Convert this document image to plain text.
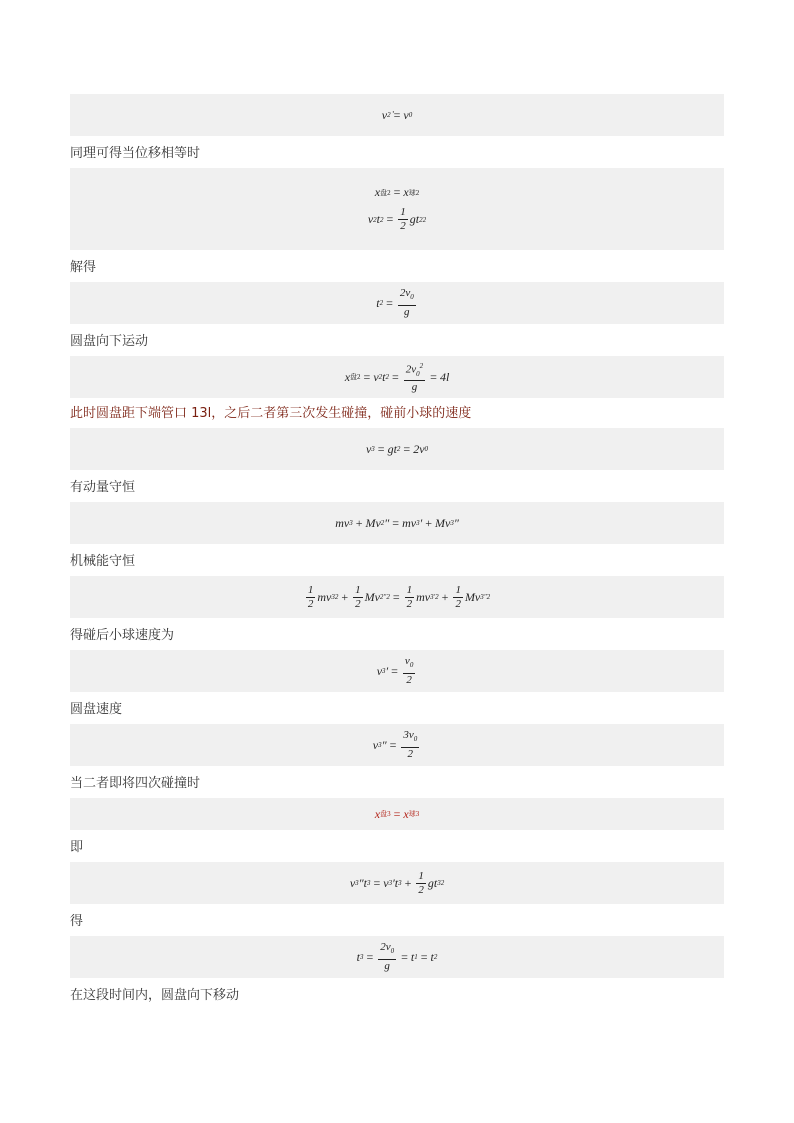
v 2 = v 0
同理可得当位移相等时
x 盘2 = x 球2
v 2 t $2 = \frac{1}{2}$ gt 2 2
解得
t $2 = \frac{2v_0}{g}$
圆盘向下运动
x 盘2 = v 2 t $2 = \frac{2v_0^2}{g} = 4l$
此时圆盘距下端管口 13l，之后二者第三次发生碰撞，碰前小球的速度
v 3 = gt 2 = 2v 0
有动量守恒
mv 3 + Mv 2 ″ = mv 3 ′ + Mv 3 ″
机械能守恒
$\frac{1}{2}$ mv 3 $2 + \frac{1}{2}$ Mv 2 $''2 = \frac{1}{2}$ mv 3 $'2 + \frac{1}{2}$ Mv 3 ″2
得碰后小球速度为
v 3 ′ = $\frac{v_0}{2}$
圆盘速度
v 3 ″ = $\frac{3v_0}{2}$
当二者即将四次碰撞时
x 盘3 = x 球3
即
v 3 ″t 3 = v 3 ′t $3 + \frac{1}{2}$ gt 3 2
得
t $3 = \frac{2v_0}{g} = t$ 1 = t 2
在这段时间内，圆盘向下移动
